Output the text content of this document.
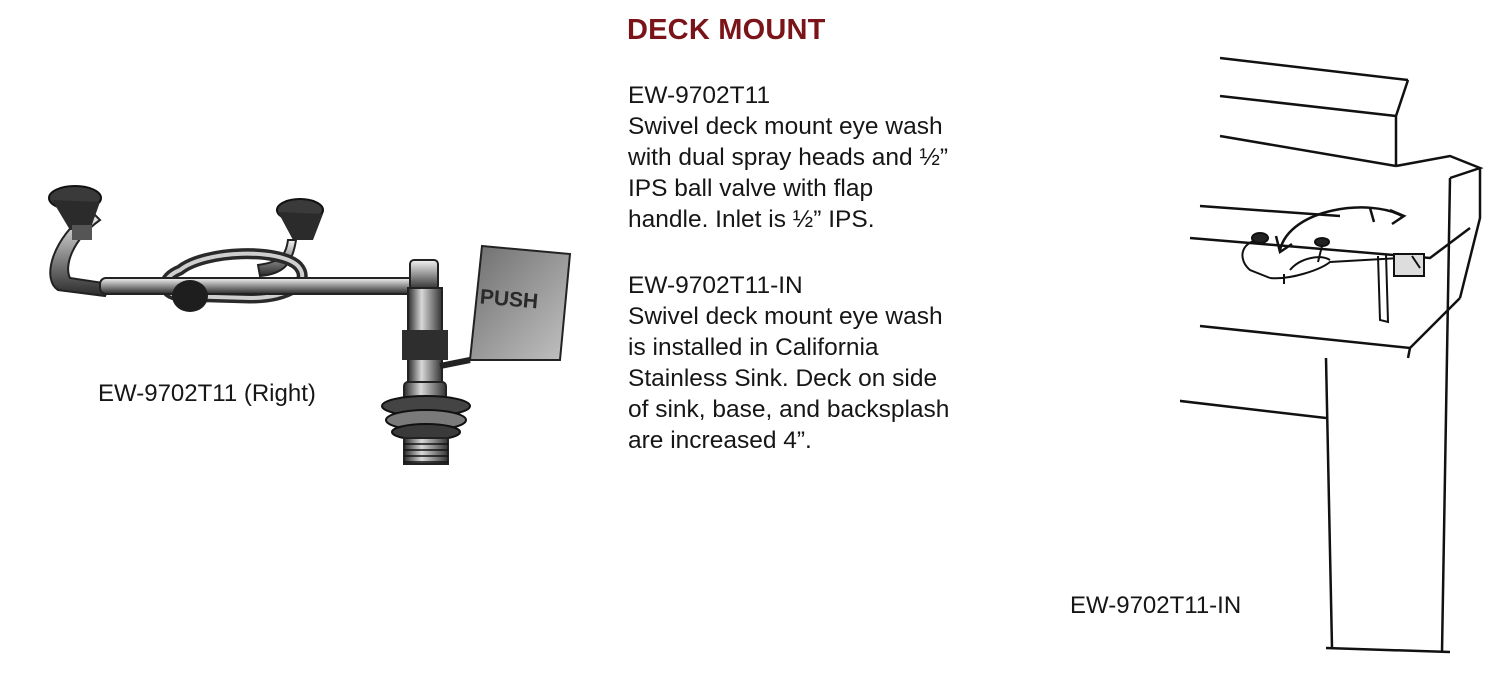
DECK MOUNT
EW-9702T11
Swivel deck mount eye wash
with dual spray heads and ½”
IPS ball valve with flap
handle. Inlet is ½” IPS.
EW-9702T11-IN
Swivel deck mount eye wash
is installed in California
Stainless Sink. Deck on side
of sink, base, and backsplash
are increased 4”.
PUSH
EW-9702T11 (Right)
EW-9702T11-IN
